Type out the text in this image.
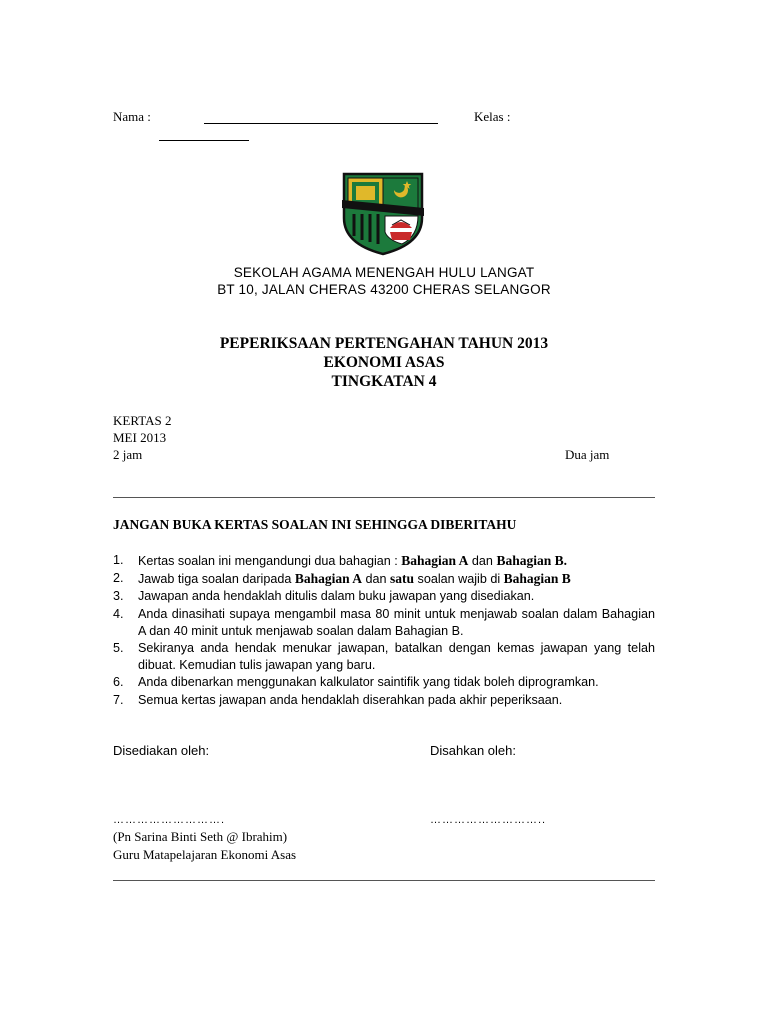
Nama :	Kelas :
SEKOLAH AGAMA MENENGAH HULU LANGAT
BT 10, JALAN CHERAS 43200 CHERAS SELANGOR
PEPERIKSAAN PERTENGAHAN TAHUN 2013
EKONOMI ASAS
TINGKATAN 4
KERTAS 2
MEI 2013
2 jam	Dua jam
JANGAN BUKA KERTAS SOALAN INI SEHINGGA DIBERITAHU
1. Kertas soalan ini mengandungi dua bahagian : Bahagian A dan Bahagian B.
2. Jawab tiga soalan daripada Bahagian A dan satu soalan wajib di Bahagian B
3. Jawapan anda hendaklah ditulis dalam buku jawapan yang disediakan.
4. Anda dinasihati supaya mengambil masa 80 minit untuk menjawab soalan dalam Bahagian A dan 40 minit untuk menjawab soalan dalam Bahagian B.
5. Sekiranya anda hendak menukar jawapan, batalkan dengan kemas jawapan yang telah dibuat. Kemudian tulis jawapan yang baru.
6. Anda dibenarkan menggunakan kalkulator saintifik yang tidak boleh diprogramkan.
7. Semua kertas jawapan anda hendaklah diserahkan pada akhir peperiksaan.
Disediakan oleh:	Disahkan oleh:
……………………….	………………………..
(Pn Sarina Binti Seth @ Ibrahim)
Guru Matapelajaran Ekonomi Asas
